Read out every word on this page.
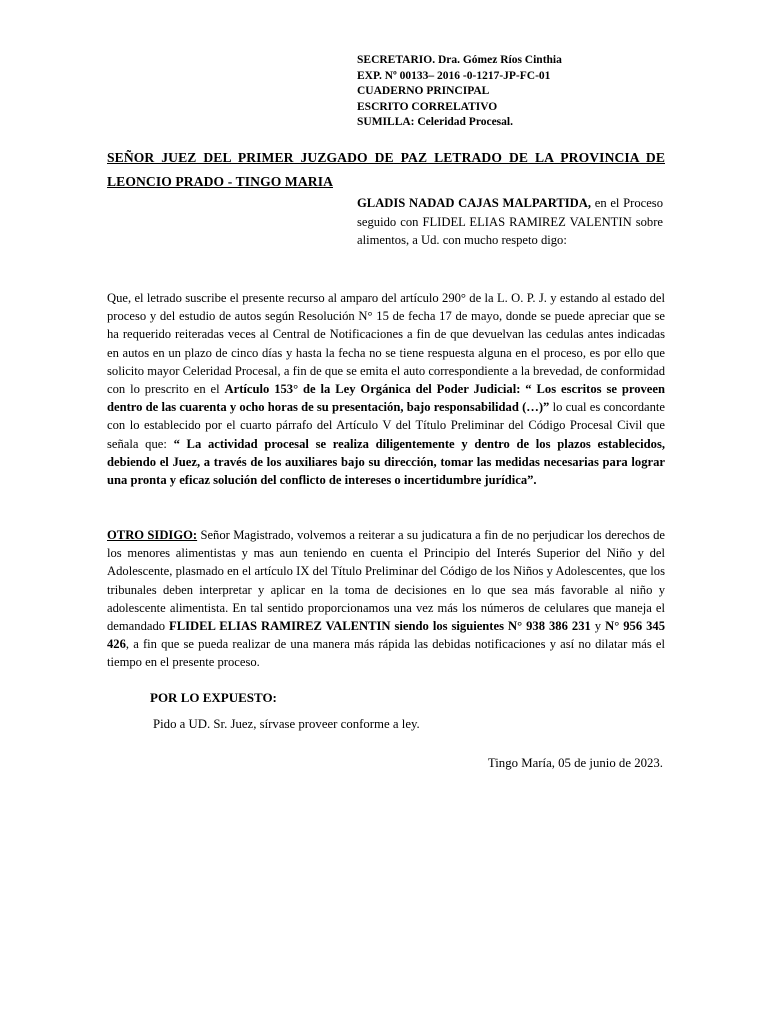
SECRETARIO. Dra. Gómez Ríos Cinthia
EXP. Nº 00133– 2016 -0-1217-JP-FC-01
CUADERNO PRINCIPAL
ESCRITO CORRELATIVO
SUMILLA: Celeridad Procesal.
SEÑOR JUEZ DEL PRIMER JUZGADO DE PAZ LETRADO DE LA PROVINCIA DE LEONCIO PRADO - TINGO MARIA
GLADIS NADAD CAJAS MALPARTIDA, en el Proceso seguido con FLIDEL ELIAS RAMIREZ VALENTIN sobre alimentos, a Ud. con mucho respeto digo:
Que, el letrado suscribe el presente recurso al amparo del artículo 290° de la L. O. P. J. y estando al estado del proceso y del estudio de autos según Resolución N° 15 de fecha 17 de mayo, donde se puede apreciar que se ha requerido reiteradas veces al Central de Notificaciones a fin de que devuelvan las cedulas antes indicadas en autos en un plazo de cinco días y hasta la fecha no se tiene respuesta alguna en el proceso, es por ello que solicito mayor Celeridad Procesal, a fin de que se emita el auto correspondiente a la brevedad, de conformidad con lo prescrito en el Artículo 153° de la Ley Orgánica del Poder Judicial: “ Los escritos se proveen dentro de las cuarenta y ocho horas de su presentación, bajo responsabilidad (…)” lo cual es concordante con lo establecido por el cuarto párrafo del Artículo V del Título Preliminar del Código Procesal Civil que señala que: “ La actividad procesal se realiza diligentemente y dentro de los plazos establecidos, debiendo el Juez, a través de los auxiliares bajo su dirección, tomar las medidas necesarias para lograr una pronta y eficaz solución del conflicto de intereses o incertidumbre jurídica”.
OTRO SIDIGO: Señor Magistrado, volvemos a reiterar a su judicatura a fin de no perjudicar los derechos de los menores alimentistas y mas aun teniendo en cuenta el Principio del Interés Superior del Niño y del Adolescente, plasmado en el artículo IX del Título Preliminar del Código de los Niños y Adolescentes, que los tribunales deben interpretar y aplicar en la toma de decisiones en lo que sea más favorable al niño y adolescente alimentista. En tal sentido proporcionamos una vez más los números de celulares que maneja el demandado FLIDEL ELIAS RAMIREZ VALENTIN siendo los siguientes N° 938 386 231 y N° 956 345 426, a fin que se pueda realizar de una manera más rápida las debidas notificaciones y así no dilatar más el tiempo en el presente proceso.
POR LO EXPUESTO:
Pido a UD. Sr. Juez, sírvase proveer conforme a ley.
Tingo María, 05 de junio de 2023.
